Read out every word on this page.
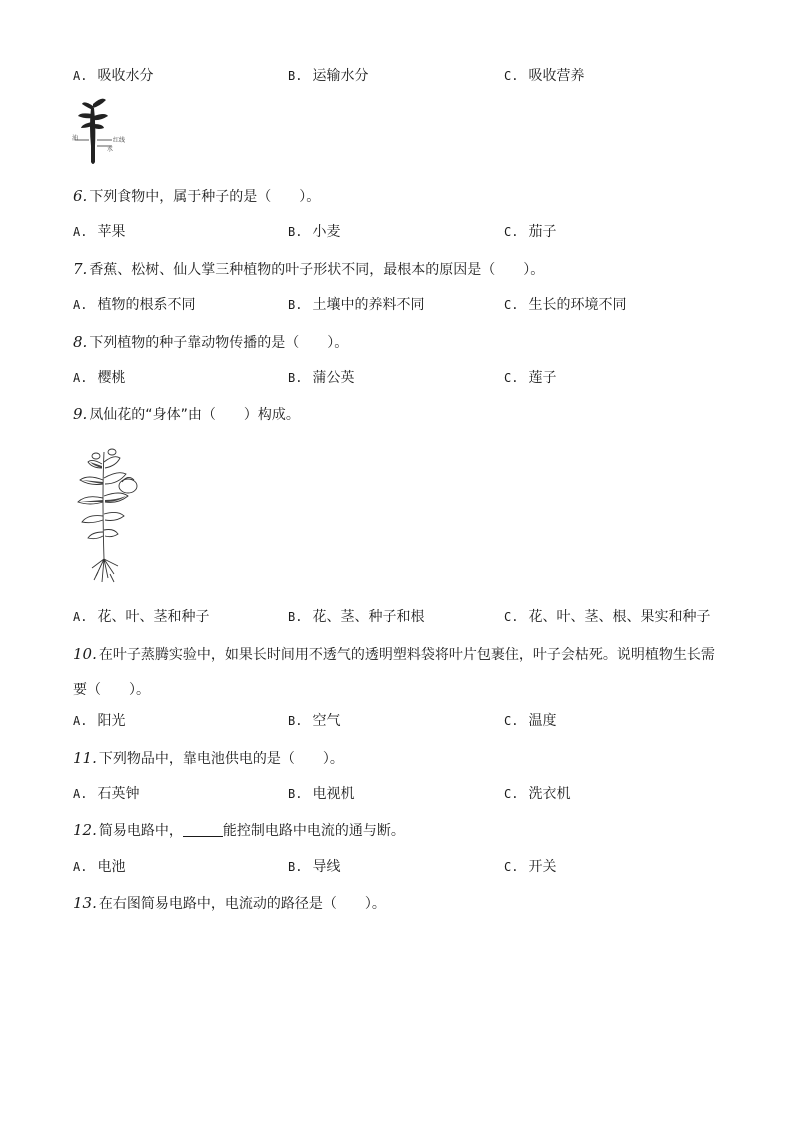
A. 吸收水分	B. 运输水分	C. 吸收营养
油	红线
水
6. 下列食物中，属于种子的是（　　）。
A. 苹果	B. 小麦	C. 茄子
7. 香蕉、松树、仙人掌三种植物的叶子形状不同，最根本的原因是（　　）。
A. 植物的根系不同	B. 土壤中的养料不同	C. 生长的环境不同
8. 下列植物的种子靠动物传播的是（　　）。
A. 樱桃	B. 蒲公英	C. 莲子
9. 凤仙花的“身体”由（　　）构成。
A. 花、叶、茎和种子	B. 花、茎、种子和根	C. 花、叶、茎、根、果实和种子
10. 在叶子蒸腾实验中，如果长时间用不透气的透明塑料袋将叶片包裹住，叶子会枯死。说明植物生长需
要（　　）。
A. 阳光	B. 空气	C. 温度
11. 下列物品中，靠电池供电的是（　　）。
A. 石英钟	B. 电视机	C. 洗衣机
12. 简易电路中，	能控制电路中电流的通与断。
A. 电池	B. 导线	C. 开关
13. 在右图简易电路中，电流动的路径是（　　）。
